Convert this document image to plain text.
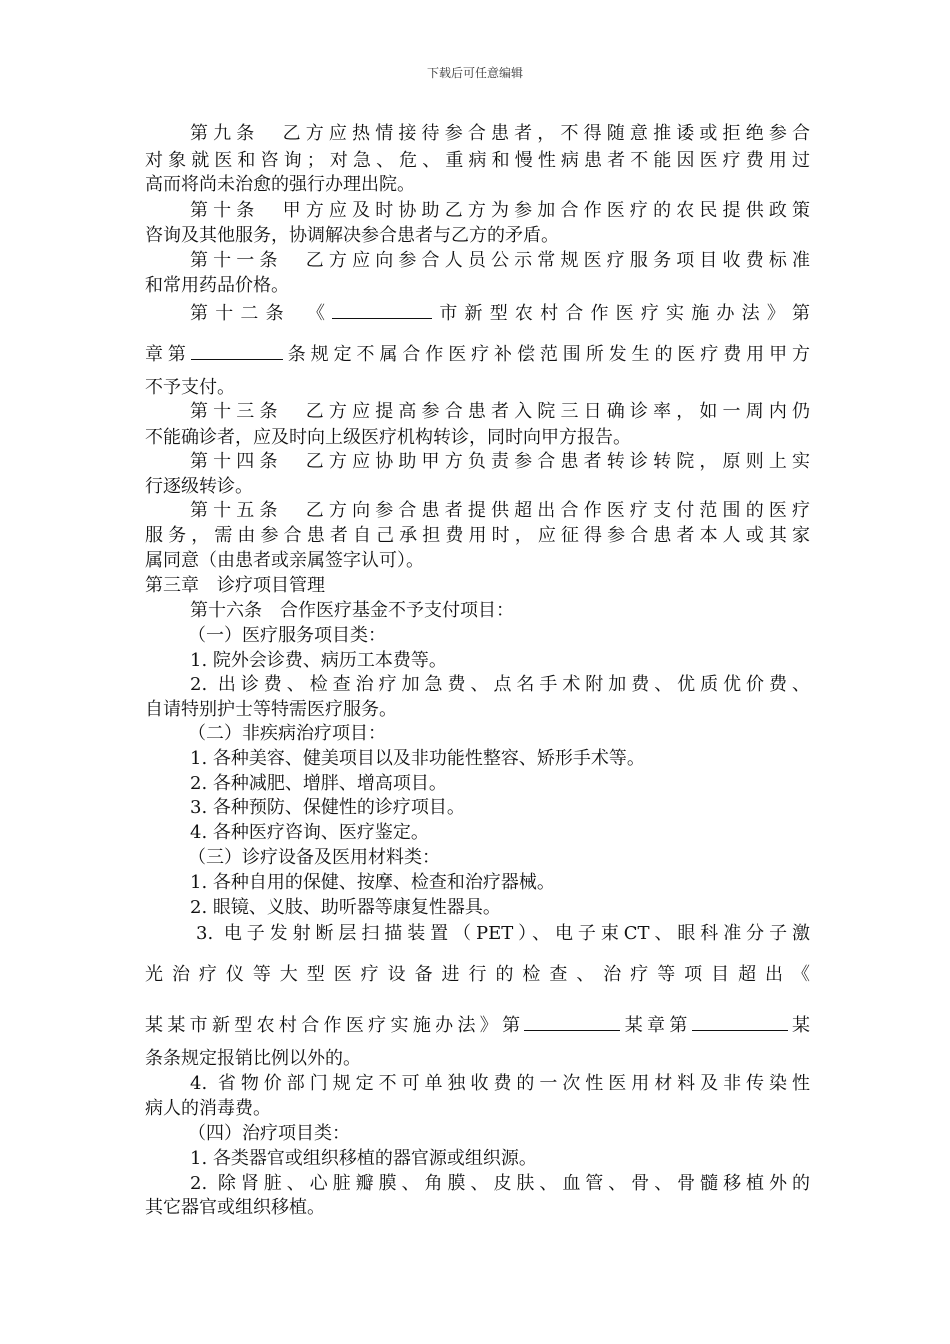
下载后可任意编辑
第九条　乙方应热情接待参合患者，不得随意推诿或拒绝参合
对象就医和咨询；对急、危、重病和慢性病患者不能因医疗费用过
高而将尚未治愈的强行办理出院。
第十条　甲方应及时协助乙方为参加合作医疗的农民提供政策
咨询及其他服务，协调解决参合患者与乙方的矛盾。
第十一条　乙方应向参合人员公示常规医疗服务项目收费标准
和常用药品价格。
第十二条　《	市新型农村合作医疗实施办法》第
章第	条规定不属合作医疗补偿范围所发生的医疗费用甲方
不予支付。
第十三条　乙方应提高参合患者入院三日确诊率，如一周内仍
不能确诊者，应及时向上级医疗机构转诊，同时向甲方报告。
第十四条　乙方应协助甲方负责参合患者转诊转院，原则上实
行逐级转诊。
第十五条　乙方向参合患者提供超出合作医疗支付范围的医疗
服务，需由参合患者自己承担费用时，应征得参合患者本人或其家
属同意（由患者或亲属签字认可）。
第三章　诊疗项目管理
第十六条　合作医疗基金不予支付项目：
（一）医疗服务项目类：
1. 院外会诊费、病历工本费等。
2. 出诊费、检查治疗加急费、点名手术附加费、优质优价费、
自请特别护士等特需医疗服务。
（二）非疾病治疗项目：
1. 各种美容、健美项目以及非功能性整容、矫形手术等。
2. 各种减肥、增胖、增高项目。
3. 各种预防、保健性的诊疗项目。
4. 各种医疗咨询、医疗鉴定。
（三）诊疗设备及医用材料类：
1. 各种自用的保健、按摩、检查和治疗器械。
2. 眼镜、义肢、助听器等康复性器具。
3. 电子发射断层扫描装置（PET）、电子束CT、眼科准分子激
光治疗仪等大型医疗设备进行的检查、治疗等项目超出《
某某市新型农村合作医疗实施办法》第	某章第	某
条条规定报销比例以外的。
4. 省物价部门规定不可单独收费的一次性医用材料及非传染性
病人的消毒费。
（四）治疗项目类：
1. 各类器官或组织移植的器官源或组织源。
2. 除肾脏、心脏瓣膜、角膜、皮肤、血管、骨、骨髓移植外的
其它器官或组织移植。
